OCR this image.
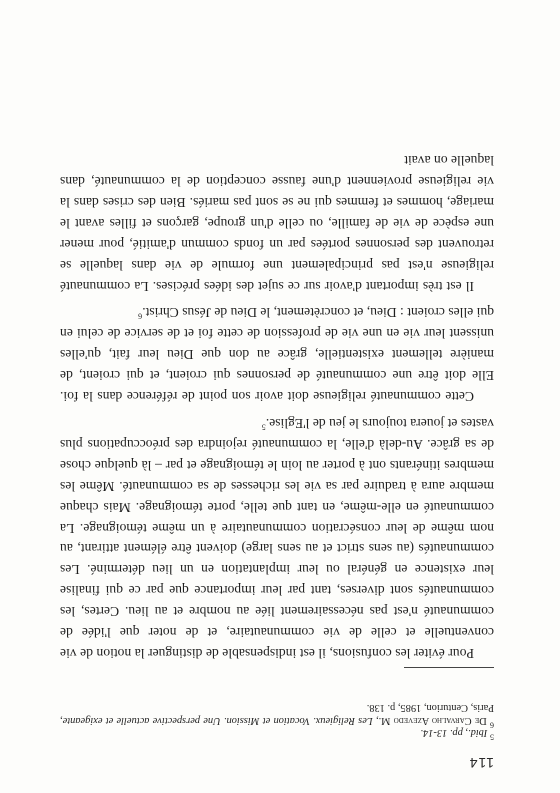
Pour éviter les confusions, il est indispensable de distinguer la notion de vie conventuelle et celle de vie communautaire, et de noter que l'idée de communauté n'est pas nécessairement liée au nombre et au lieu. Certes, les communautés sont diverses, tant par leur importance que par ce qui finalise leur existence en général ou leur implantation en un lieu déterminé. Les communautés (au sens strict et au sens large) doivent être élément attirant, au nom même de leur consécration communautaire à un même témoignage. La communauté en elle-même, en tant que telle, porte témoignage. Mais chaque membre aura à traduire par sa vie les richesses de sa communauté. Même les membres itinérants ont à porter au loin le témoignage et par – là quelque chose de sa grâce. Au-delà d'elle, la communauté rejoindra des préoccupations plus vastes et jouera toujours le jeu de l'Eglise.$^5$

Cette communauté religieuse doit avoir son point de référence dans la foi. Elle doit être une communauté de personnes qui croient, et qui croient, de manière tellement existentielle, grâce au don que Dieu leur fait, qu'elles unissent leur vie en une vie de profession de cette foi et de service de celui en qui elles croient : Dieu, et concrètement, le Dieu de Jésus Christ.$^6$

Il est très important d'avoir sur ce sujet des idées précises. La communauté religieuse n'est pas principalement une formule de vie dans laquelle se retrouvent des personnes portées par un fonds commun d'amitié, pour mener une espèce de vie de famille, ou celle d'un groupe, garçons et filles avant le mariage, hommes et femmes qui ne se sont pas mariés. Bien des crises dans la vie religieuse proviennent d'une fausse conception de la communauté, dans laquelle on avait

$^5$ Ibid., pp. 13-14.

$^6$ De Carvalho Azevedo M., Les Religieux. Vocation et Mission. Une perspective actuelle et exigeante, Paris, Centurion, 1985, p. 138.

114
